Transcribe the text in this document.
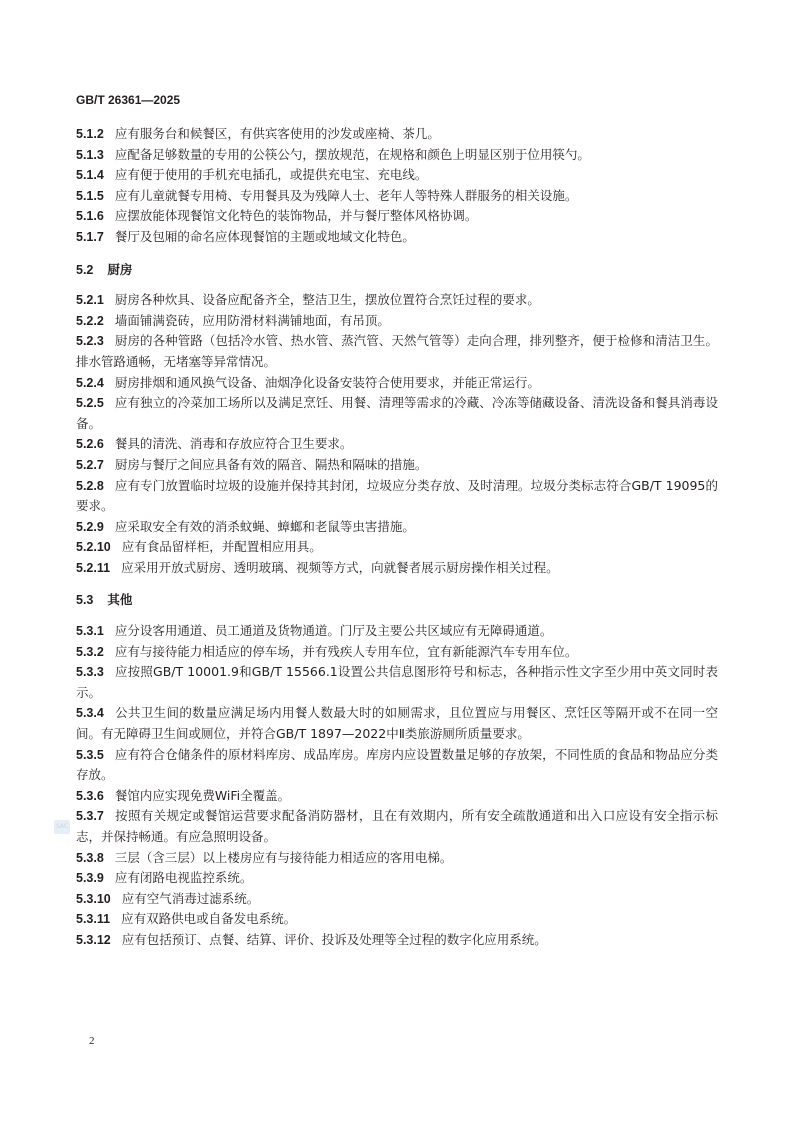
GB/T 26361—2025
SAC
5.1.2 应有服务台和候餐区，有供宾客使用的沙发或座椅、茶几。
5.1.3 应配备足够数量的专用的公筷公勺，摆放规范，在规格和颜色上明显区别于位用筷勺。
5.1.4 应有便于使用的手机充电插孔，或提供充电宝、充电线。
5.1.5 应有儿童就餐专用椅、专用餐具及为残障人士、老年人等特殊人群服务的相关设施。
5.1.6 应摆放能体现餐馆文化特色的装饰物品，并与餐厅整体风格协调。
5.1.7 餐厅及包厢的命名应体现餐馆的主题或地域文化特色。
5.2 厨房
5.2.1 厨房各种炊具、设备应配备齐全，整洁卫生，摆放位置符合烹饪过程的要求。
5.2.2 墙面铺满瓷砖，应用防滑材料满铺地面，有吊顶。
5.2.3 厨房的各种管路（包括冷水管、热水管、蒸汽管、天然气管等）走向合理，排列整齐，便于检修和清洁卫生。排水管路通畅，无堵塞等异常情况。
5.2.4 厨房排烟和通风换气设备、油烟净化设备安装符合使用要求，并能正常运行。
5.2.5 应有独立的冷菜加工场所以及满足烹饪、用餐、清理等需求的冷藏、冷冻等储藏设备、清洗设备和餐具消毒设备。
5.2.6 餐具的清洗、消毒和存放应符合卫生要求。
5.2.7 厨房与餐厅之间应具备有效的隔音、隔热和隔味的措施。
5.2.8 应有专门放置临时垃圾的设施并保持其封闭，垃圾应分类存放、及时清理。垃圾分类标志符合GB/T 19095的要求。
5.2.9 应采取安全有效的消杀蚊蝇、蟑螂和老鼠等虫害措施。
5.2.10 应有食品留样柜，并配置相应用具。
5.2.11 应采用开放式厨房、透明玻璃、视频等方式，向就餐者展示厨房操作相关过程。
5.3 其他
5.3.1 应分设客用通道、员工通道及货物通道。门厅及主要公共区域应有无障碍通道。
5.3.2 应有与接待能力相适应的停车场，并有残疾人专用车位，宜有新能源汽车专用车位。
5.3.3 应按照GB/T 10001.9和GB/T 15566.1设置公共信息图形符号和标志，各种指示性文字至少用中英文同时表示。
5.3.4 公共卫生间的数量应满足场内用餐人数最大时的如厕需求，且位置应与用餐区、烹饪区等隔开或不在同一空间。有无障碍卫生间或厕位，并符合GB/T 1897—2022中Ⅱ类旅游厕所质量要求。
5.3.5 应有符合仓储条件的原材料库房、成品库房。库房内应设置数量足够的存放架，不同性质的食品和物品应分类存放。
5.3.6 餐馆内应实现免费WiFi全覆盖。
5.3.7 按照有关规定或餐馆运营要求配备消防器材，且在有效期内，所有安全疏散通道和出入口应设有安全指示标志，并保持畅通。有应急照明设备。
5.3.8 三层（含三层）以上楼房应有与接待能力相适应的客用电梯。
5.3.9 应有闭路电视监控系统。
5.3.10 应有空气消毒过滤系统。
5.3.11 应有双路供电或自备发电系统。
5.3.12 应有包括预订、点餐、结算、评价、投诉及处理等全过程的数字化应用系统。
2
